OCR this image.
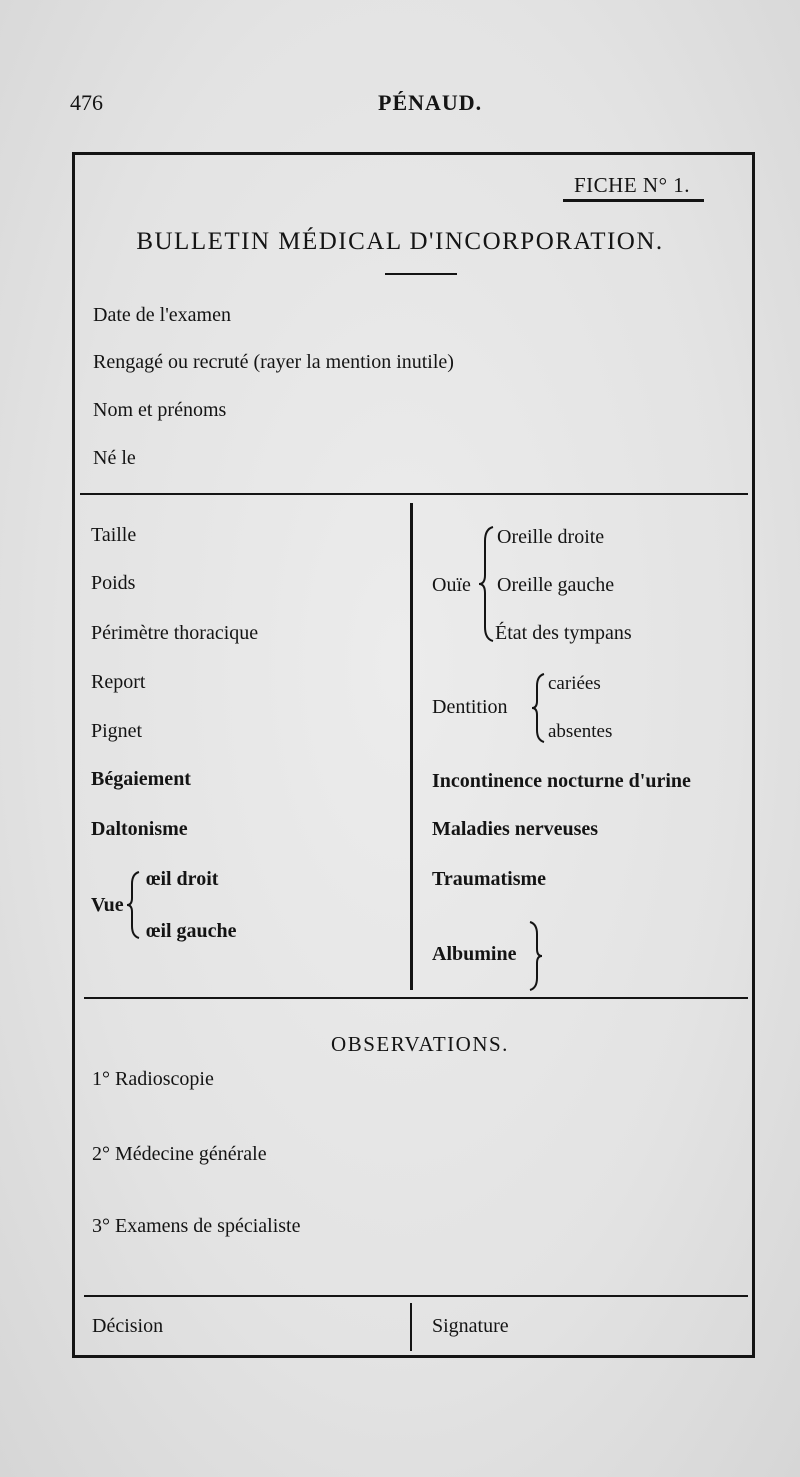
476	PÉNAUD.
FICHE N° 1.
BULLETIN MÉDICAL D'INCORPORATION.
Date de l'examen
Rengagé ou recruté (rayer la mention inutile)
Nom et prénoms
Né le
Taille
Poids
Périmètre thoracique
Report
Pignet
Bégaiement
Daltonisme
Vue
œil droit
œil gauche
Ouïe
Oreille droite
Oreille gauche
État des tympans
Dentition
cariées
absentes
Incontinence nocturne d'urine
Maladies nerveuses
Traumatisme
Albumine
OBSERVATIONS.
1° Radioscopie
2° Médecine générale
3° Examens de spécialiste
Décision	Signature
